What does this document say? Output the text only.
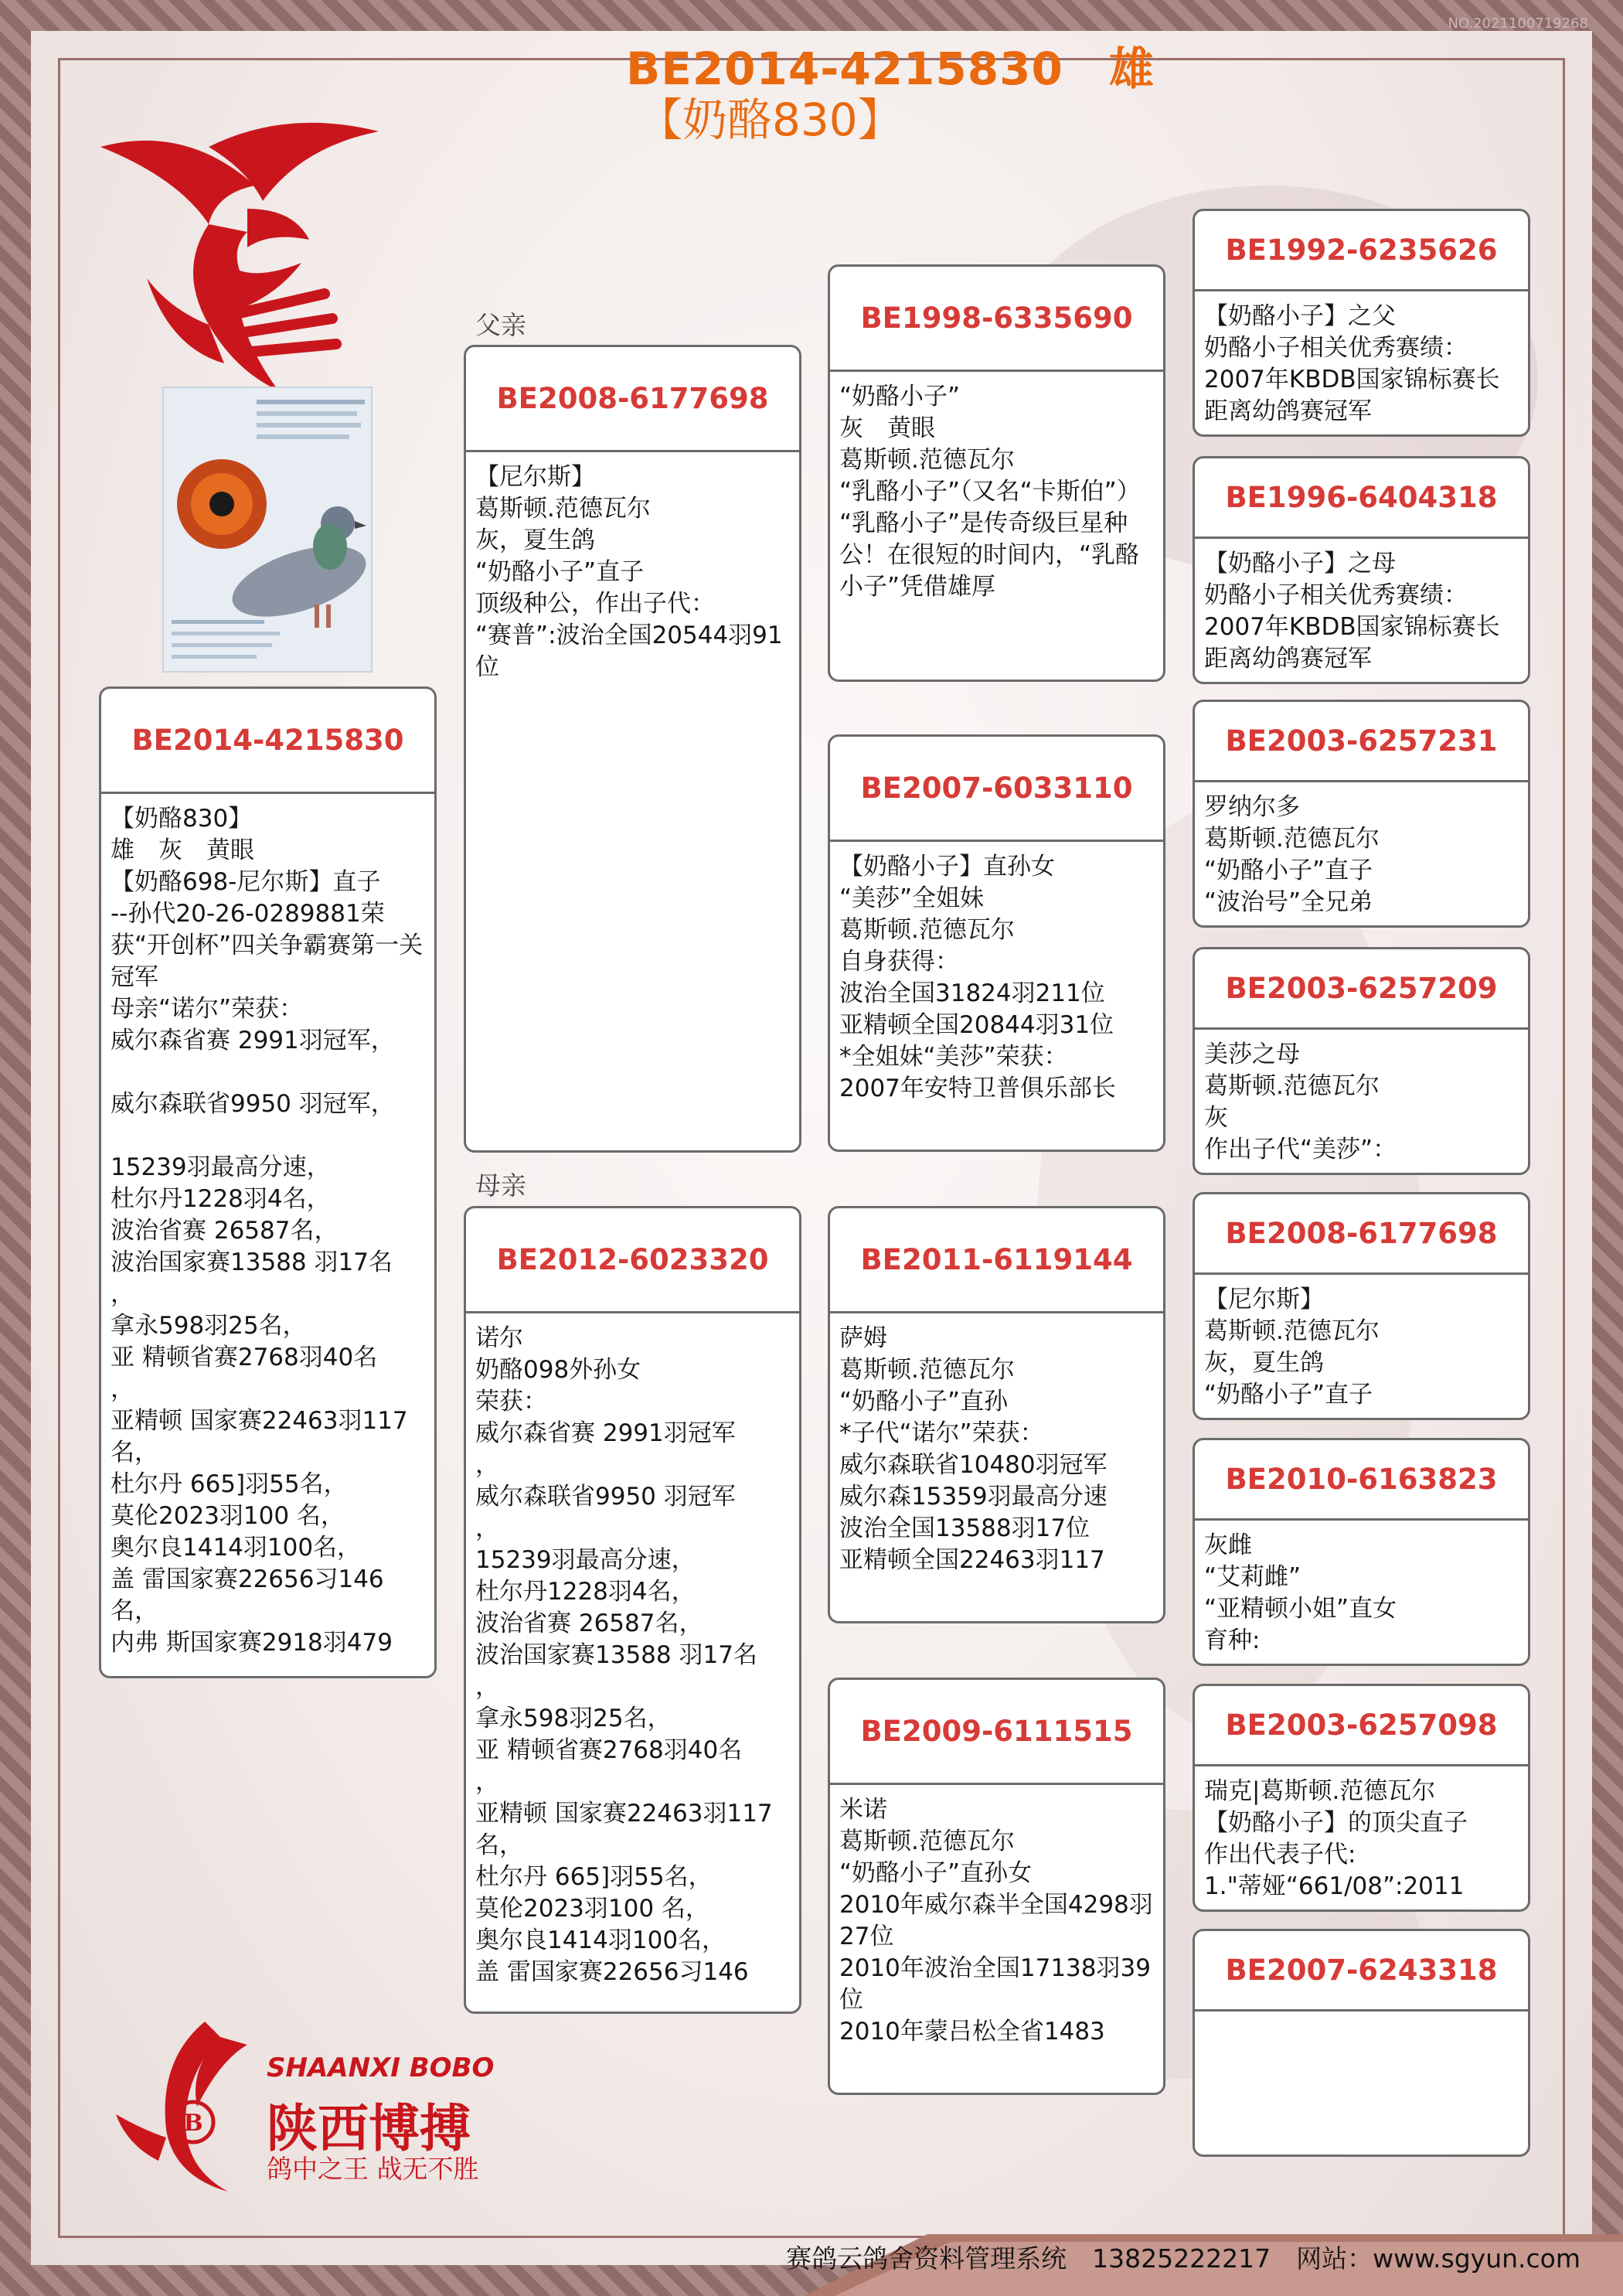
NO.2021100719268
BE2014-4215830　雄
【奶酪830】
BE2014-4215830
【奶酪830】
雄　灰　黄眼
【奶酪698-尼尔斯】直子
--孙代20-26-0289881荣获“开创杯”四关争霸赛第一关冠军
母亲“诺尔”荣获：
威尔森省赛 2991羽冠军，

威尔森联省9950 羽冠军，

15239羽最高分速，
杜尔丹1228羽4名，
波治省赛 26587名，
波治国家赛13588 羽17名
，
拿永598羽25名，
亚 精顿省赛2768羽40名
，
亚精顿 国家赛22463羽117名，
杜尔丹 665]羽55名，
莫伦2023羽100 名，
奥尔良1414羽100名，
盖 雷国家赛22656习146名，
内弗 斯国家赛2918羽479
父亲
BE2008-6177698
【尼尔斯】
葛斯顿.范德瓦尔
灰，夏生鸽
“奶酪小子”直子
顶级种公，作出子代：
“赛普”:波治全国20544羽91位
母亲
BE2012-6023320
诺尔
奶酪098外孙女
荣获：
威尔森省赛 2991羽冠军
，
威尔森联省9950 羽冠军
，
15239羽最高分速，
杜尔丹1228羽4名，
波治省赛 26587名，
波治国家赛13588 羽17名
，
拿永598羽25名，
亚 精顿省赛2768羽40名
，
亚精顿 国家赛22463羽117名，
杜尔丹 665]羽55名，
莫伦2023羽100 名，
奥尔良1414羽100名，
盖 雷国家赛22656习146
BE1998-6335690
“奶酪小子”
灰　黄眼
葛斯顿.范德瓦尔
“乳酪小子”（又名“卡斯伯”）
“乳酪小子”是传奇级巨星种公！在很短的时间内，“乳酪小子”凭借雄厚
BE2007-6033110
【奶酪小子】直孙女
“美莎”全姐妹
葛斯顿.范德瓦尔
自身获得：
波治全国31824羽211位
亚精顿全国20844羽31位
*全姐妹“美莎”荣获：
2007年安特卫普俱乐部长
BE2011-6119144
萨姆
葛斯顿.范德瓦尔
“奶酪小子”直孙
*子代“诺尔”荣获：
威尔森联省10480羽冠军
威尔森15359羽最高分速
波治全国13588羽17位
亚精顿全国22463羽117
BE2009-6111515
米诺
葛斯顿.范德瓦尔
“奶酪小子”直孙女
2010年威尔森半全国4298羽27位
2010年波治全国17138羽39位
2010年蒙吕松全省1483
BE1992-6235626
【奶酪小子】之父
奶酪小子相关优秀赛绩：
2007年KBDB国家锦标赛长距离幼鸽赛冠军
BE1996-6404318
【奶酪小子】之母
奶酪小子相关优秀赛绩：
2007年KBDB国家锦标赛长距离幼鸽赛冠军
BE2003-6257231
罗纳尔多
葛斯顿.范德瓦尔
“奶酪小子”直子
“波治号”全兄弟
BE2003-6257209
美莎之母
葛斯顿.范德瓦尔
灰
作出子代“美莎”：
BE2008-6177698
【尼尔斯】
葛斯顿.范德瓦尔
灰，夏生鸽
“奶酪小子”直子
BE2010-6163823
灰雌
“艾莉雌”
“亚精顿小姐”直女
育种:
BE2003-6257098
瑞克|葛斯顿.范德瓦尔
【奶酪小子】的顶尖直子
作出代表子代:
1."蒂娅“661/08”:2011
BE2007-6243318
B
SHAANXI BOBO
陕西博搏
鸽中之王 战无不胜
赛鸽云鸽舍资料管理系统　13825222217　网站：www.sgyun.com
